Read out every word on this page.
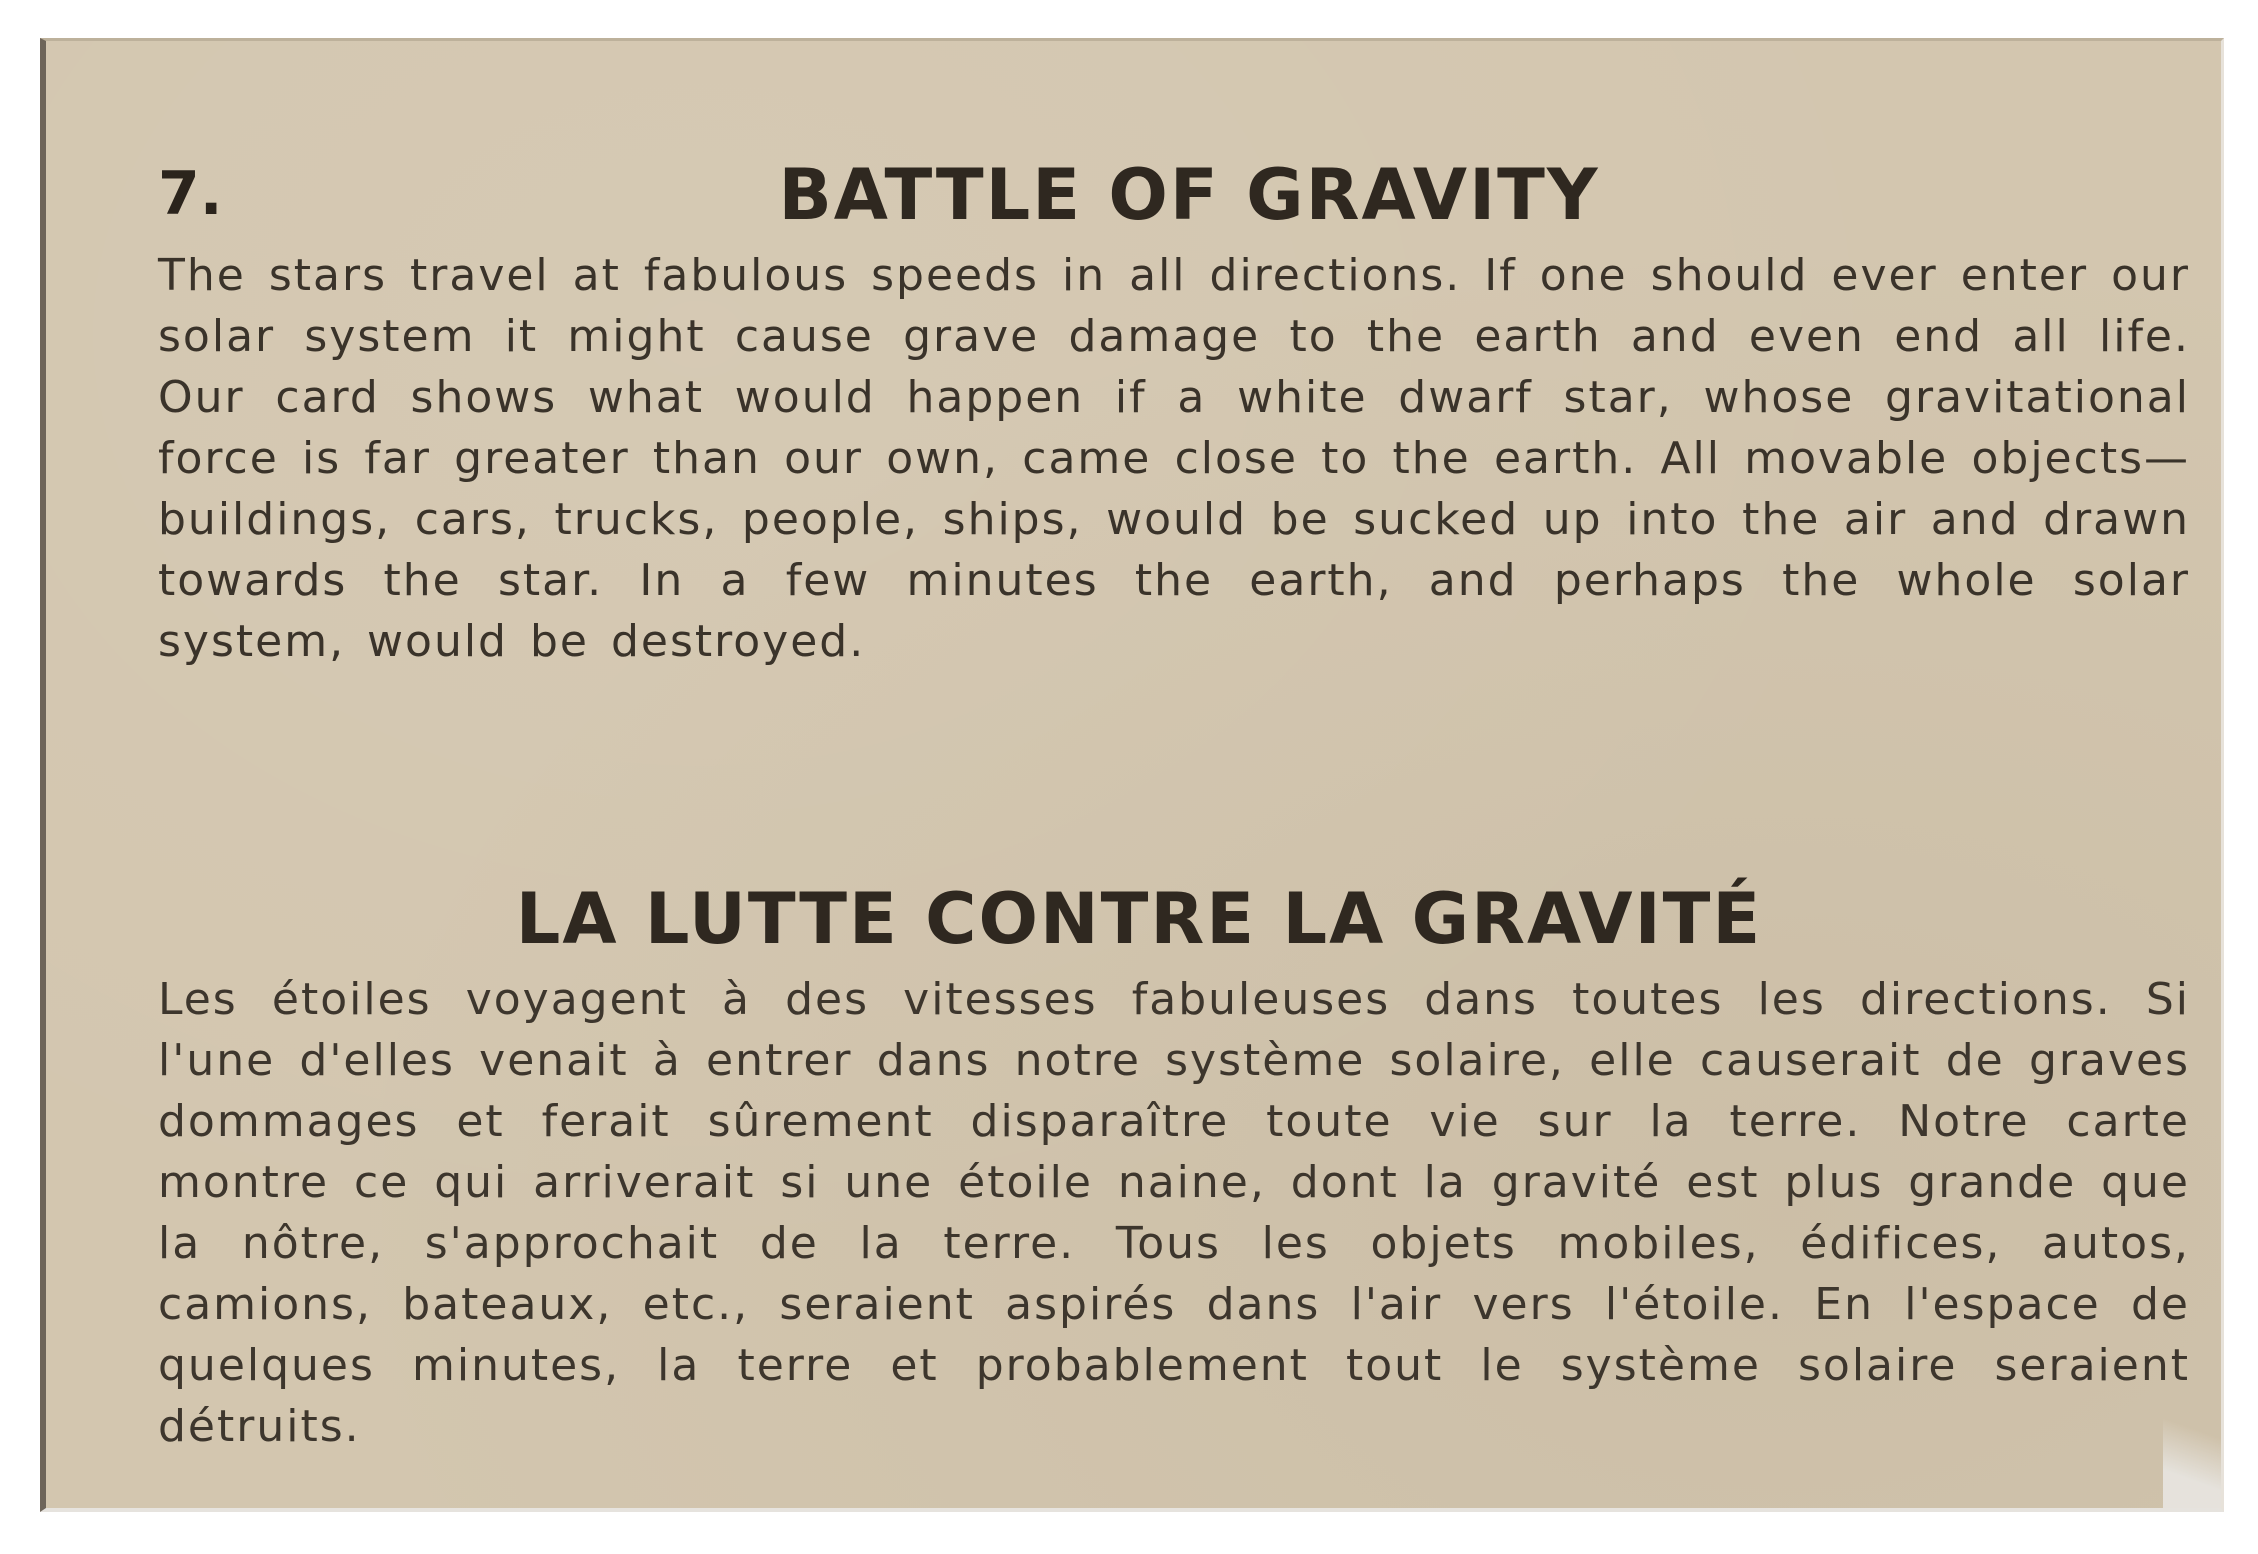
7.	BATTLE OF GRAVITY

The stars travel at fabulous speeds in all directions. If one should ever enter our solar system it might cause grave damage to the earth and even end all life. Our card shows what would happen if a white dwarf star, whose gravitational force is far greater than our own, came close to the earth. All movable objects—buildings, cars, trucks, people, ships, would be sucked up into the air and drawn towards the star. In a few minutes the earth, and perhaps the whole solar system, would be destroyed.

LA LUTTE CONTRE LA GRAVITÉ

Les étoiles voyagent à des vitesses fabuleuses dans toutes les directions. Si l'une d'elles venait à entrer dans notre système solaire, elle causerait de graves dommages et ferait sûrement disparaître toute vie sur la terre. Notre carte montre ce qui arriverait si une étoile naine, dont la gravité est plus grande que la nôtre, s'approchait de la terre. Tous les objets mobiles, édifices, autos, camions, bateaux, etc., seraient aspirés dans l'air vers l'étoile. En l'espace de quelques minutes, la terre et probablement tout le système solaire seraient détruits.
